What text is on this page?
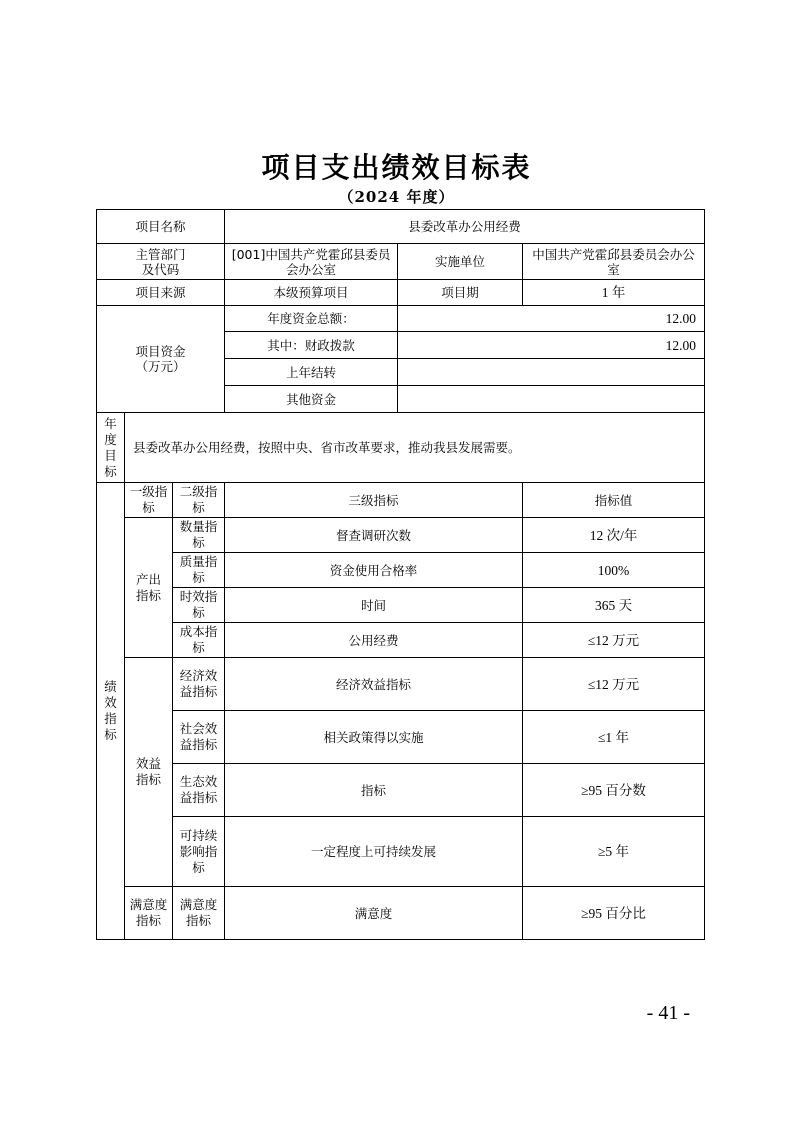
项目支出绩效目标表
（2024 年度）
项目名称			县委改革办公用经费		

主管部门及代码			[001]中国共产党霍邱县委员会办公室	实施单位	中国共产党霍邱县委员会办公室

项目来源			本级预算项目	项目期	1 年

项目资金（万元）			年度资金总额：	12.00	
			其中：财政拨款	12.00	
			上年结转		
			其他资金		
年度目标	县委改革办公用经费，按照中央、省市改革要求，推动我县发展需要。				
绩效指标	一级指标	二级指标	三级指标		指标值

	产出指标	数量指标	督查调研次数		12 次/年
		质量指标	资金使用合格率		100%
		时效指标	时间		365 天
		成本指标	公用经费		≤12 万元

	效益指标	经济效益指标	经济效益指标		≤12 万元
		社会效益指标	相关政策得以实施		≤1 年
		生态效益指标	指标		≥95 百分数
		可持续影响指标	一定程度上可持续发展		≥5 年
	满意度指标	满意度指标	满意度		≥95 百分比
- 41 -
